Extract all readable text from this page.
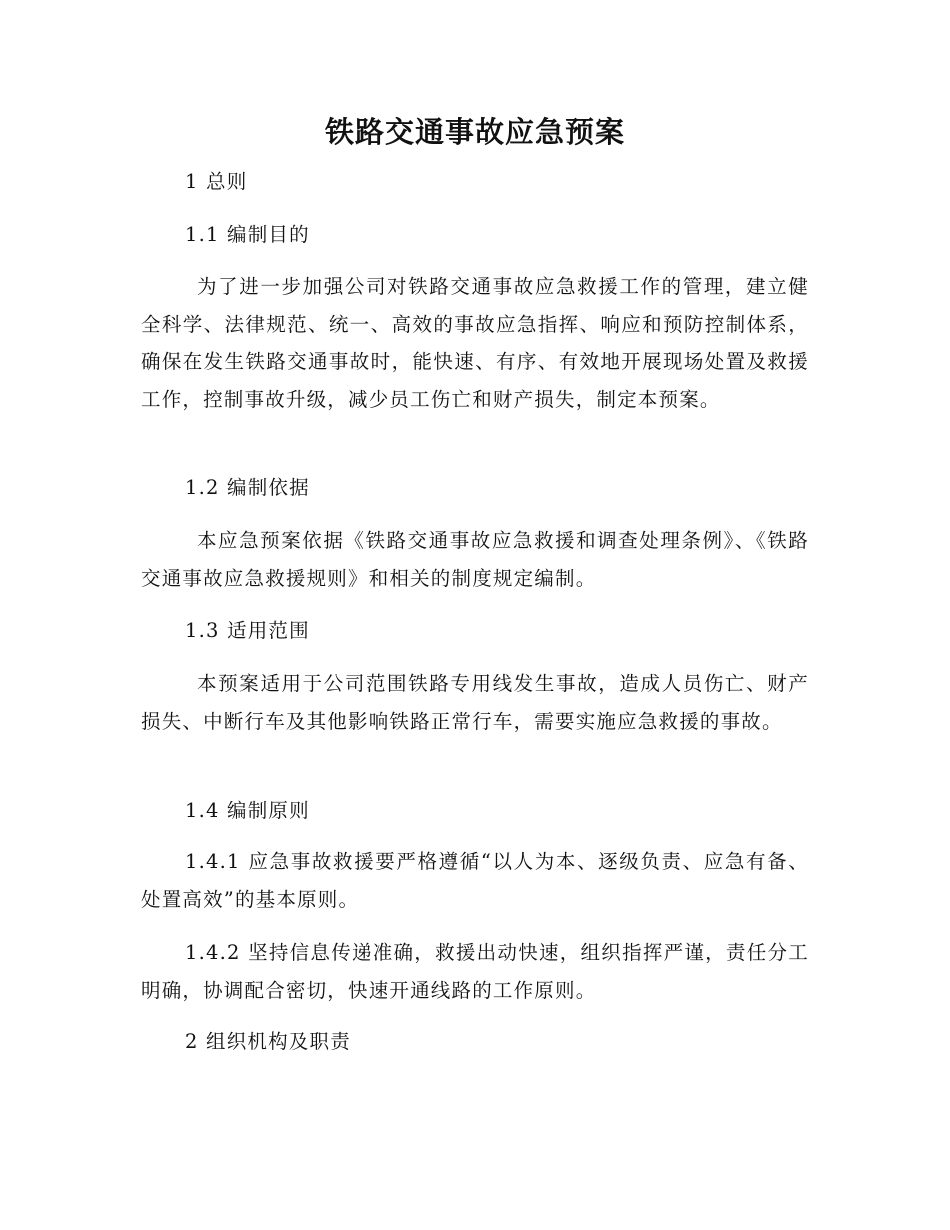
铁路交通事故应急预案

1 总则

1.1 编制目的

为了进一步加强公司对铁路交通事故应急救援工作的管理，建立健全科学、法律规范、统一、高效的事故应急指挥、响应和预防控制体系，确保在发生铁路交通事故时，能快速、有序、有效地开展现场处置及救援工作，控制事故升级，减少员工伤亡和财产损失，制定本预案。

1.2 编制依据

本应急预案依据《铁路交通事故应急救援和调查处理条例》、《铁路交通事故应急救援规则》和相关的制度规定编制。

1.3 适用范围

本预案适用于公司范围铁路专用线发生事故，造成人员伤亡、财产损失、中断行车及其他影响铁路正常行车，需要实施应急救援的事故。

1.4 编制原则

1.4.1 应急事故救援要严格遵循“以人为本、逐级负责、应急有备、处置高效”的基本原则。

1.4.2 坚持信息传递准确，救援出动快速，组织指挥严谨，责任分工明确，协调配合密切，快速开通线路的工作原则。

2 组织机构及职责
